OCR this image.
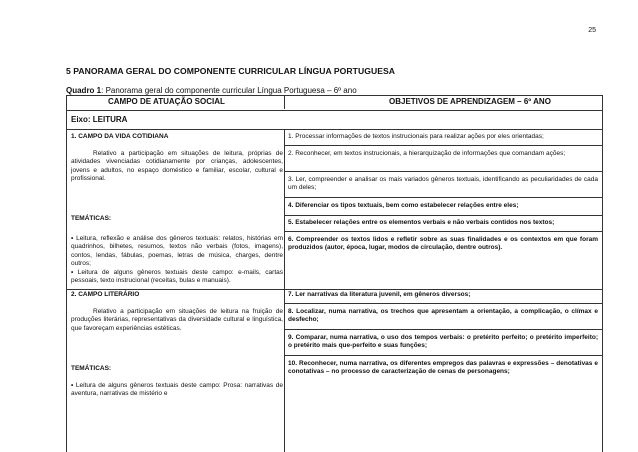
25
5 PANORAMA GERAL DO COMPONENTE CURRICULAR LÍNGUA PORTUGUESA
Quadro 1: Panorama geral do componente curricular Língua Portuguesa – 6º ano
CAMPO DE ATUAÇÃO SOCIAL	OBJETIVOS DE APRENDIZAGEM – 6º ANO
Eixo: LEITURA
1. CAMPO DA VIDA COTIDIANA
Relativo a participação em situações de leitura, próprias de atividades vivenciadas cotidianamente por crianças, adolescentes, jovens e adultos, no espaço doméstico e familiar, escolar, cultural e profissional.
TEMÁTICAS:
• Leitura, reflexão e análise dos gêneros textuais: relatos, histórias em quadrinhos, bilhetes, resumos, textos não verbais (fotos, imagens), contos, lendas, fábulas, poemas, letras de música, charges, dentre outros;
• Leitura de alguns gêneros textuais deste campo: e-mails, cartas pessoais, texto instrucional (receitas, bulas e manuais).
1. Processar informações de textos instrucionais para realizar ações por eles orientadas;
2. Reconhecer, em textos instrucionais, a hierarquização de informações que comandam ações;
3. Ler, compreender e analisar os mais variados gêneros textuais, identificando as peculiaridades de cada um deles;
4. Diferenciar os tipos textuais, bem como estabelecer relações entre eles;
5. Estabelecer relações entre os elementos verbais e não verbais contidos nos textos;
6. Compreender os textos lidos e refletir sobre as suas finalidades e os contextos em que foram produzidos (autor, época, lugar, modos de circulação, dentre outros).
2. CAMPO LITERÁRIO
Relativo a participação em situações de leitura na fruição de produções literárias, representativas da diversidade cultural e linguística, que favoreçam experiências estéticas.
TEMÁTICAS:
• Leitura de alguns gêneros textuais deste campo: Prosa: narrativas de aventura, narrativas de mistério e
7. Ler narrativas da literatura juvenil, em gêneros diversos;
8. Localizar, numa narrativa, os trechos que apresentam a orientação, a complicação, o clímax e desfecho;
9. Comparar, numa narrativa, o uso dos tempos verbais: o pretérito perfeito; o pretérito imperfeito; o pretérito mais que-perfeito e suas funções;
10. Reconhecer, numa narrativa, os diferentes empregos das palavras e expressões – denotativas e conotativas – no processo de caracterização de cenas de personagens;
